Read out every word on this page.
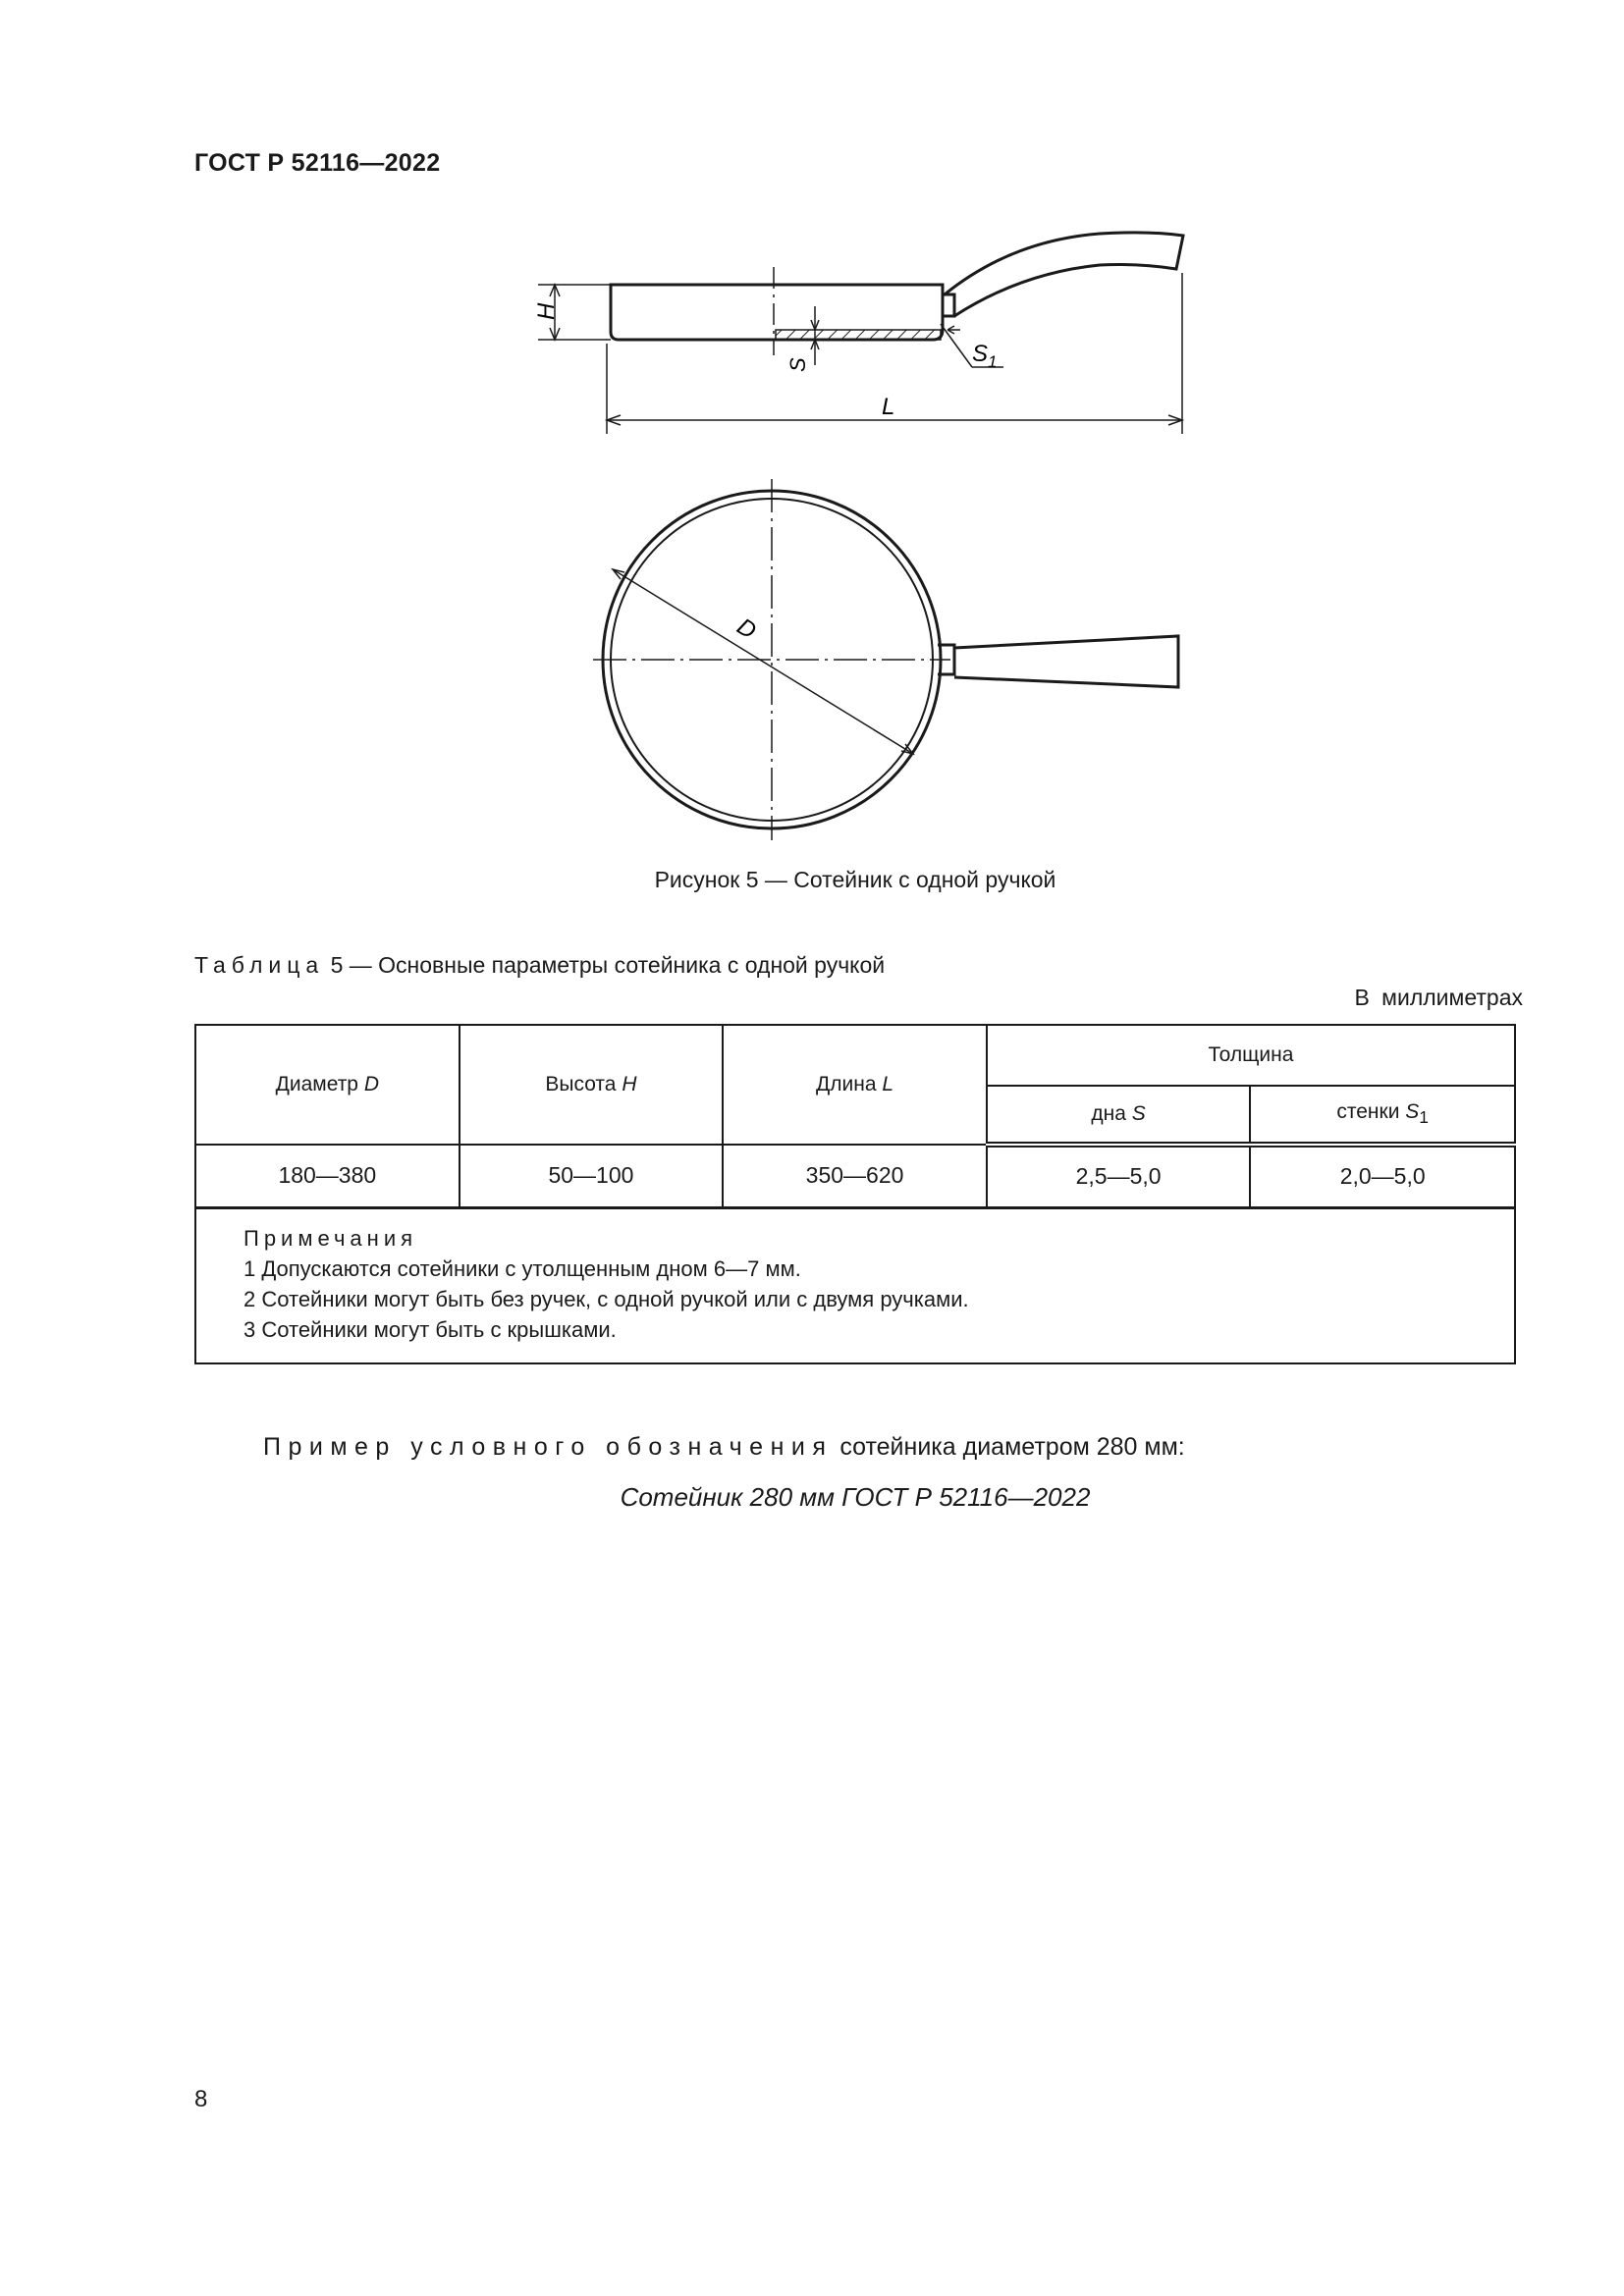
ГОСТ Р 52116—2022
H
S	$S_1$
L
D
Рисунок 5 — Сотейник с одной ручкой
Таблица 5 — Основные параметры сотейника с одной ручкой
В миллиметрах
Диаметр D	Высота H	Длина L	Толщина	
			дна S	стенки $S_1$
180—380	50—100	350—620	2,5—5,0	2,0—5,0

Примечания
1 Допускаются сотейники с утолщенным дном 6—7 мм.
2 Сотейники могут быть без ручек, с одной ручкой или с двумя ручками.
3 Сотейники могут быть с крышками.				
Пример условного обозначения сотейника диаметром 280 мм:
Сотейник 280 мм ГОСТ Р 52116—2022
8
